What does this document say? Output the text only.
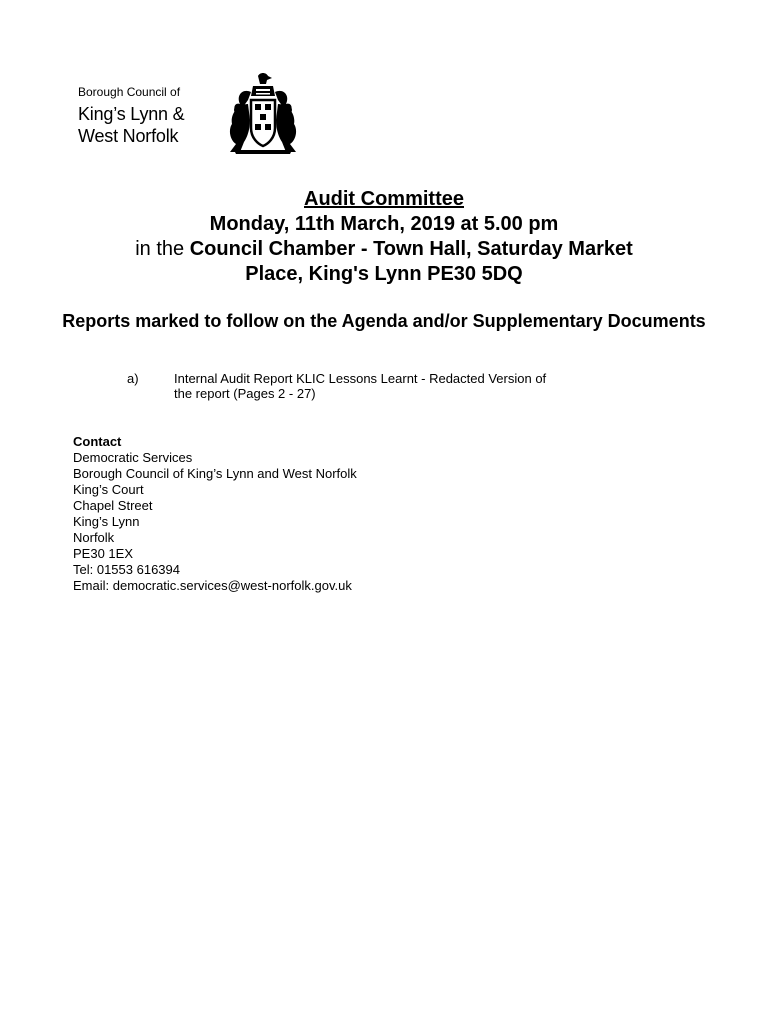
Borough Council of
King’s Lynn &
West Norfolk
Audit Committee
Monday, 11th March, 2019 at 5.00 pm
in the Council Chamber - Town Hall, Saturday Market
Place, King's Lynn PE30 5DQ
Reports marked to follow on the Agenda and/or Supplementary Documents
a)	Internal Audit Report KLIC Lessons Learnt - Redacted Version of
the report (Pages 2 - 27)
Contact
Democratic Services
Borough Council of King’s Lynn and West Norfolk
King’s Court
Chapel Street
King’s Lynn
Norfolk
PE30 1EX
Tel: 01553 616394
Email: democratic.services@west-norfolk.gov.uk
